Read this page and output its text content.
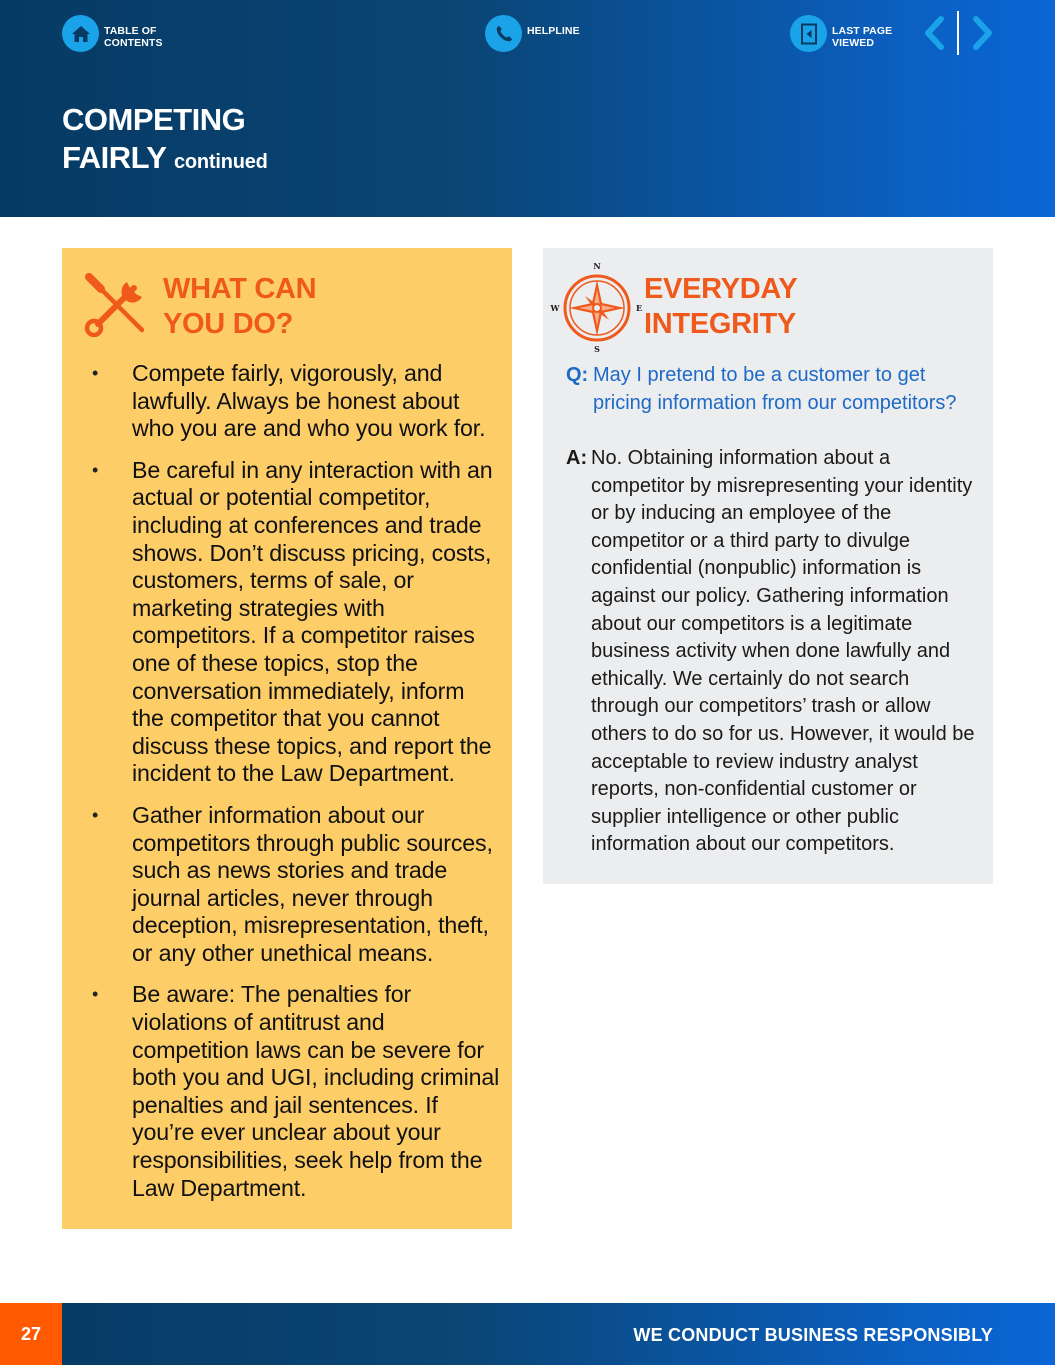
TABLE OF
CONTENTS
HELPLINE	LAST PAGE
VIEWED
COMPETING
FAIRLY continued
WHAT CAN
YOU DO?
• Compete fairly, vigorously, and lawfully. Always be honest about who you are and who you work for.
• Be careful in any interaction with an actual or potential competitor, including at conferences and trade shows. Don’t discuss pricing, costs, customers, terms of sale, or marketing strategies with competitors. If a competitor raises one of these topics, stop the conversation immediately, inform the competitor that you cannot discuss these topics, and report the incident to the Law Department.
• Gather information about our competitors through public sources, such as news stories and trade journal articles, never through deception, misrepresentation, theft, or any other unethical means.
• Be aware: The penalties for violations of antitrust and competition laws can be severe for both you and UGI, including criminal penalties and jail sentences. If you’re ever unclear about your responsibilities, seek help from the Law Department.
N
S
E
W
EVERYDAY
INTEGRITY
Q: May I pretend to be a customer to get pricing information from our competitors?
A: No. Obtaining information about a competitor by misrepresenting your identity or by inducing an employee of the competitor or a third party to divulge confidential (nonpublic) information is against our policy. Gathering information about our competitors is a legitimate business activity when done lawfully and ethically. We certainly do not search through our competitors’ trash or allow others to do so for us. However, it would be acceptable to review industry analyst reports, non-confidential customer or supplier intelligence or other public information about our competitors.
27	WE CONDUCT BUSINESS RESPONSIBLY
